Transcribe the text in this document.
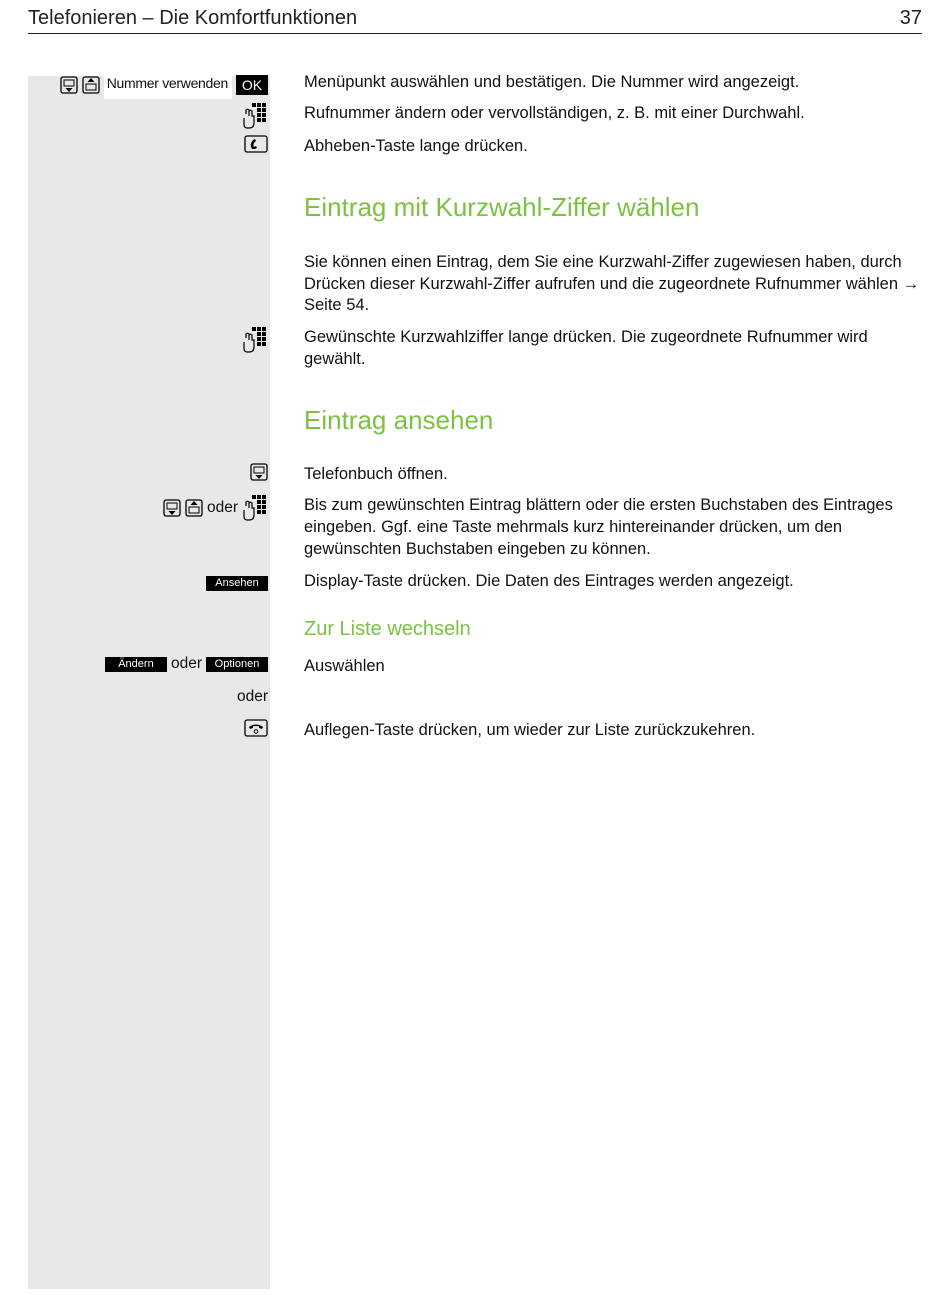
Telefonieren – Die Komfortfunktionen	37
Nummer verwenden OK	Menüpunkt auswählen und bestätigen. Die Nummer wird angezeigt.
Rufnummer ändern oder vervollständigen, z. B. mit einer Durchwahl.
Abheben-Taste lange drücken.
Eintrag mit Kurzwahl-Ziffer wählen
Sie können einen Eintrag, dem Sie eine Kurzwahl-Ziffer zugewiesen haben, durch Drücken dieser Kurzwahl-Ziffer aufrufen und die zugeordnete Rufnummer wählen → Seite 54.
Gewünschte Kurzwahlziffer lange drücken. Die zugeordnete Rufnummer wird gewählt.
Eintrag ansehen
Telefonbuch öffnen.
oder	Bis zum gewünschten Eintrag blättern oder die ersten Buchstaben des Eintrages eingeben. Ggf. eine Taste mehrmals kurz hintereinander drücken, um den gewünschten Buchstaben eingeben zu können.
Ansehen	Display-Taste drücken. Die Daten des Eintrages werden angezeigt.
Zur Liste wechseln
Ändern	oder	Optionen	Auswählen
oder
Auflegen-Taste drücken, um wieder zur Liste zurückzukehren.
